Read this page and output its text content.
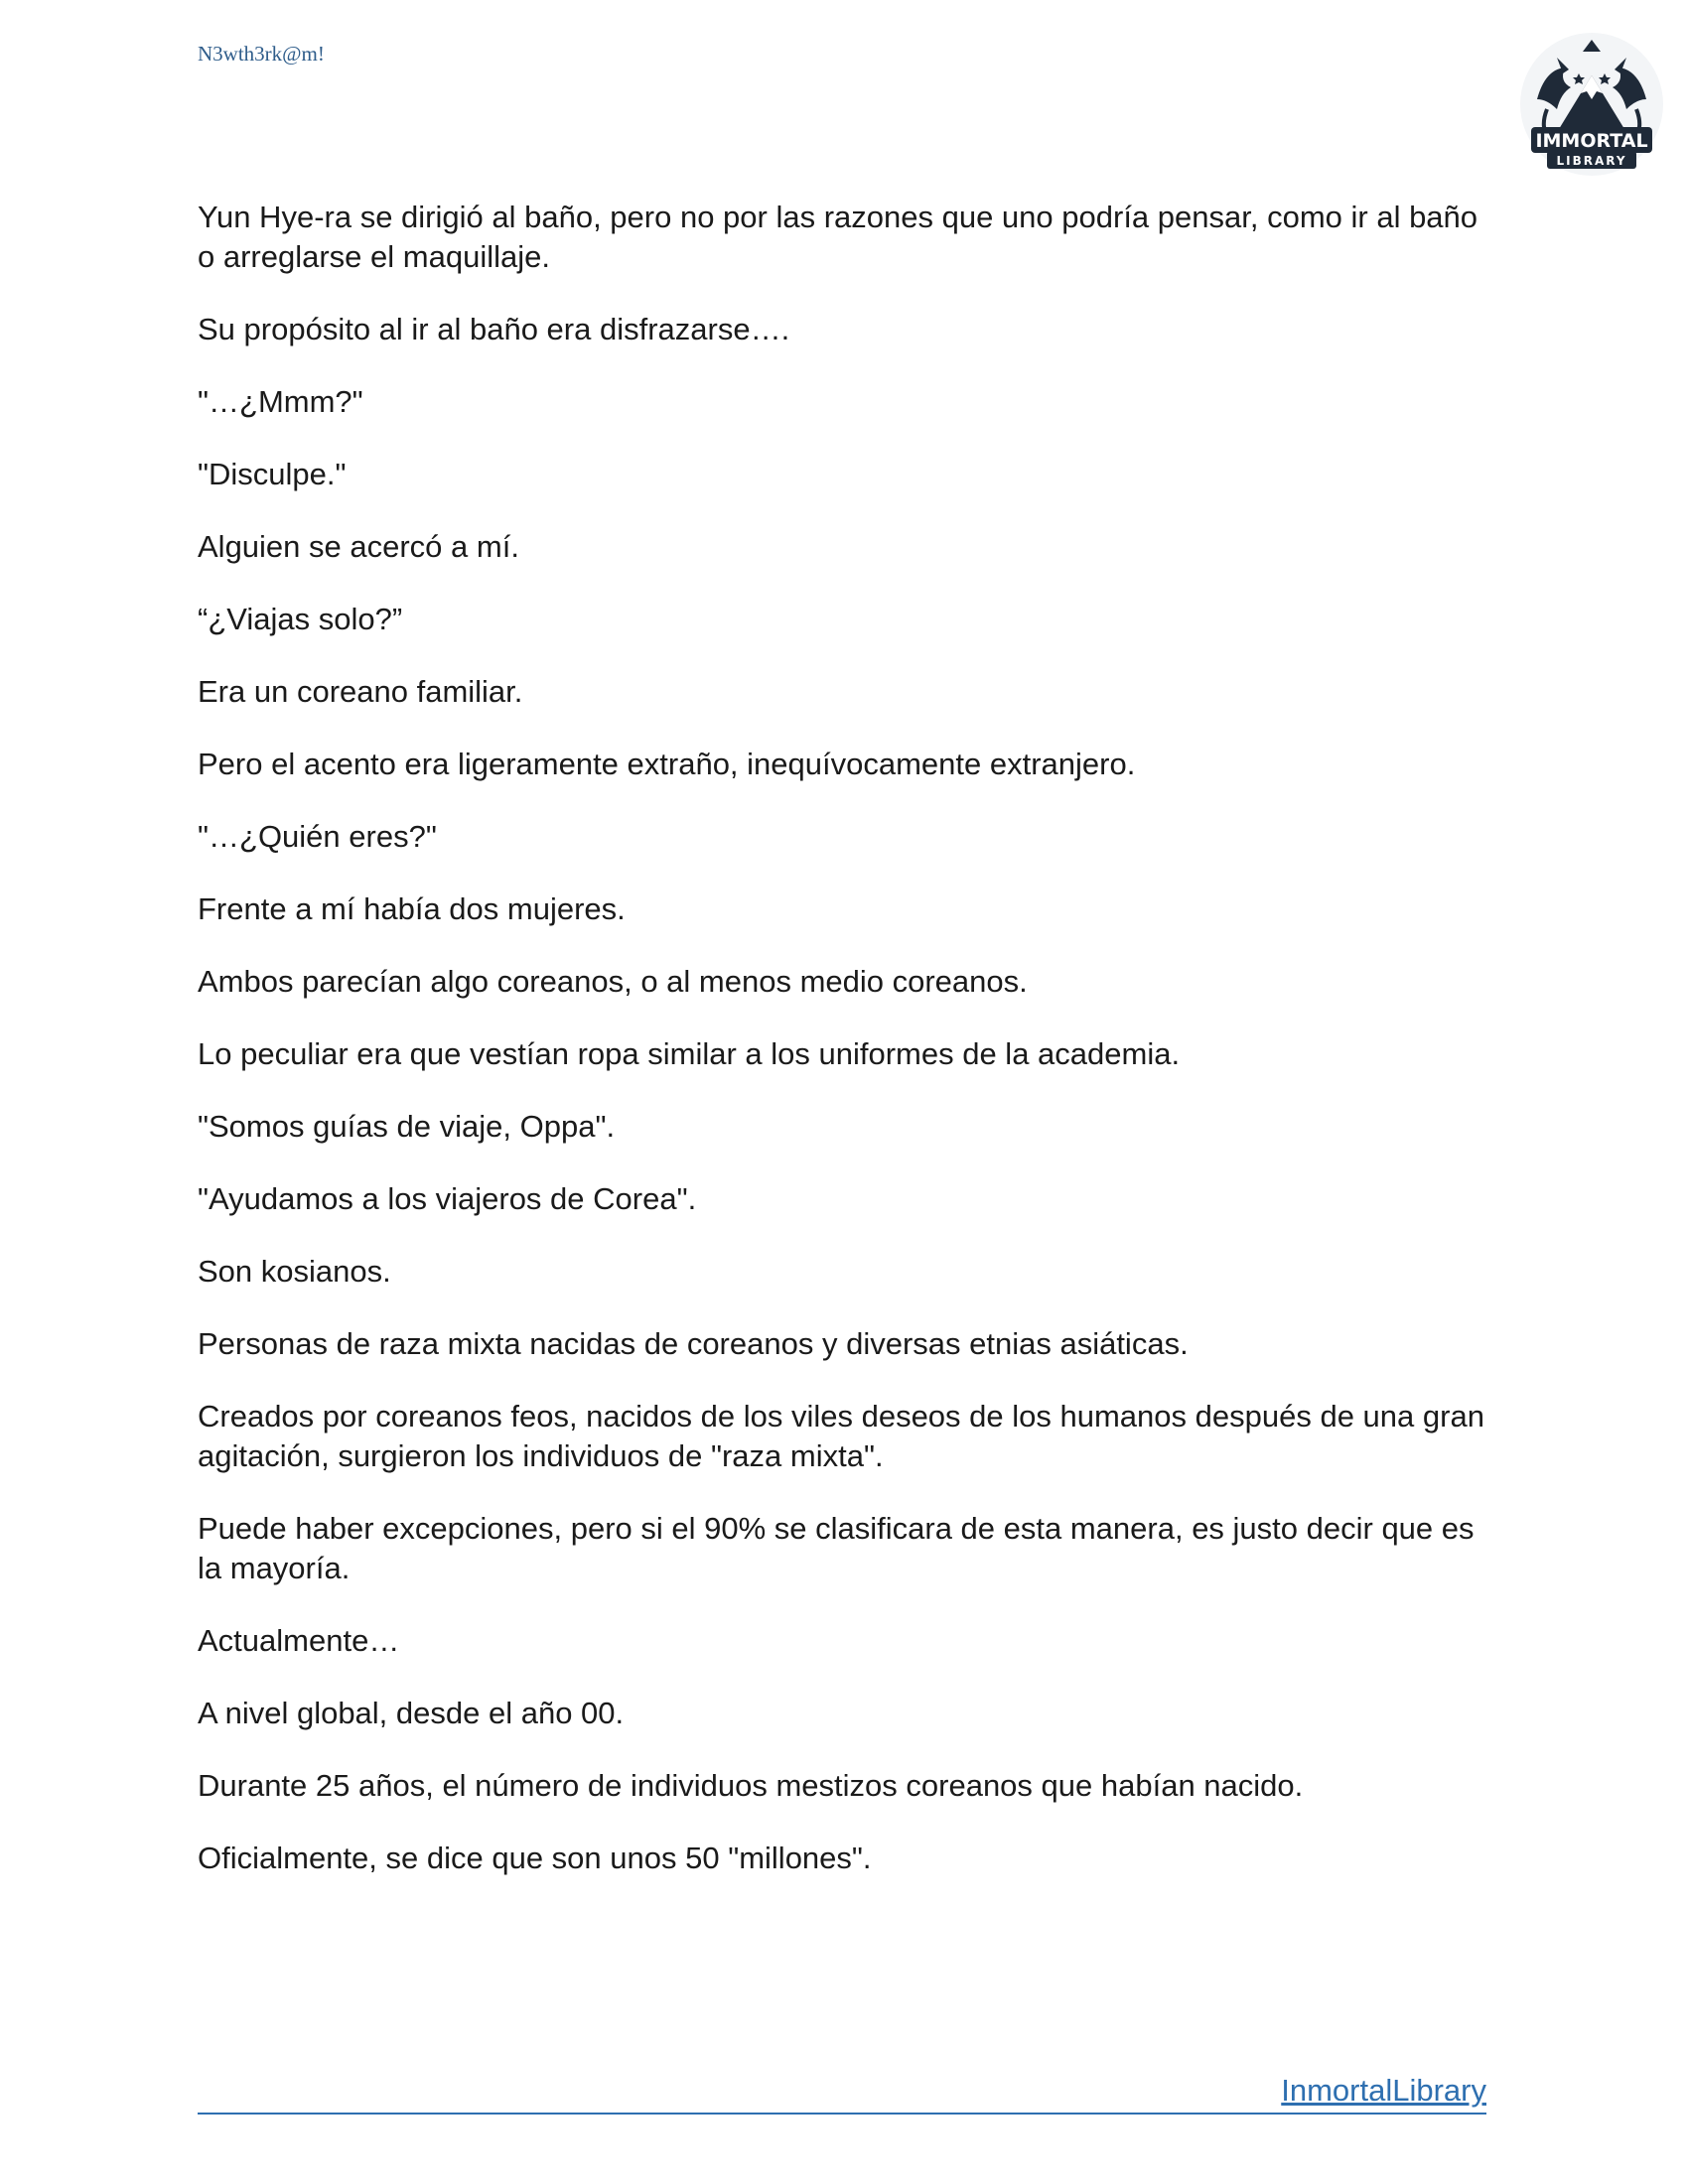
N3wth3rk@m!
IMMORTAL
LIBRARY

Yun Hye-ra se dirigió al baño, pero no por las razones que uno podría pensar, como ir al baño o arreglarse el maquillaje.

Su propósito al ir al baño era disfrazarse….

"…¿Mmm?"

"Disculpe."

Alguien se acercó a mí.

“¿Viajas solo?”

Era un coreano familiar.

Pero el acento era ligeramente extraño, inequívocamente extranjero.

"…¿Quién eres?"

Frente a mí había dos mujeres.

Ambos parecían algo coreanos, o al menos medio coreanos.

Lo peculiar era que vestían ropa similar a los uniformes de la academia.

"Somos guías de viaje, Oppa".

"Ayudamos a los viajeros de Corea".

Son kosianos.

Personas de raza mixta nacidas de coreanos y diversas etnias asiáticas.

Creados por coreanos feos, nacidos de los viles deseos de los humanos después de una gran agitación, surgieron los individuos de "raza mixta".

Puede haber excepciones, pero si el 90% se clasificara de esta manera, es justo decir que es la mayoría.

Actualmente…

A nivel global, desde el año 00.

Durante 25 años, el número de individuos mestizos coreanos que habían nacido.

Oficialmente, se dice que son unos 50 "millones".

InmortalLibrary
